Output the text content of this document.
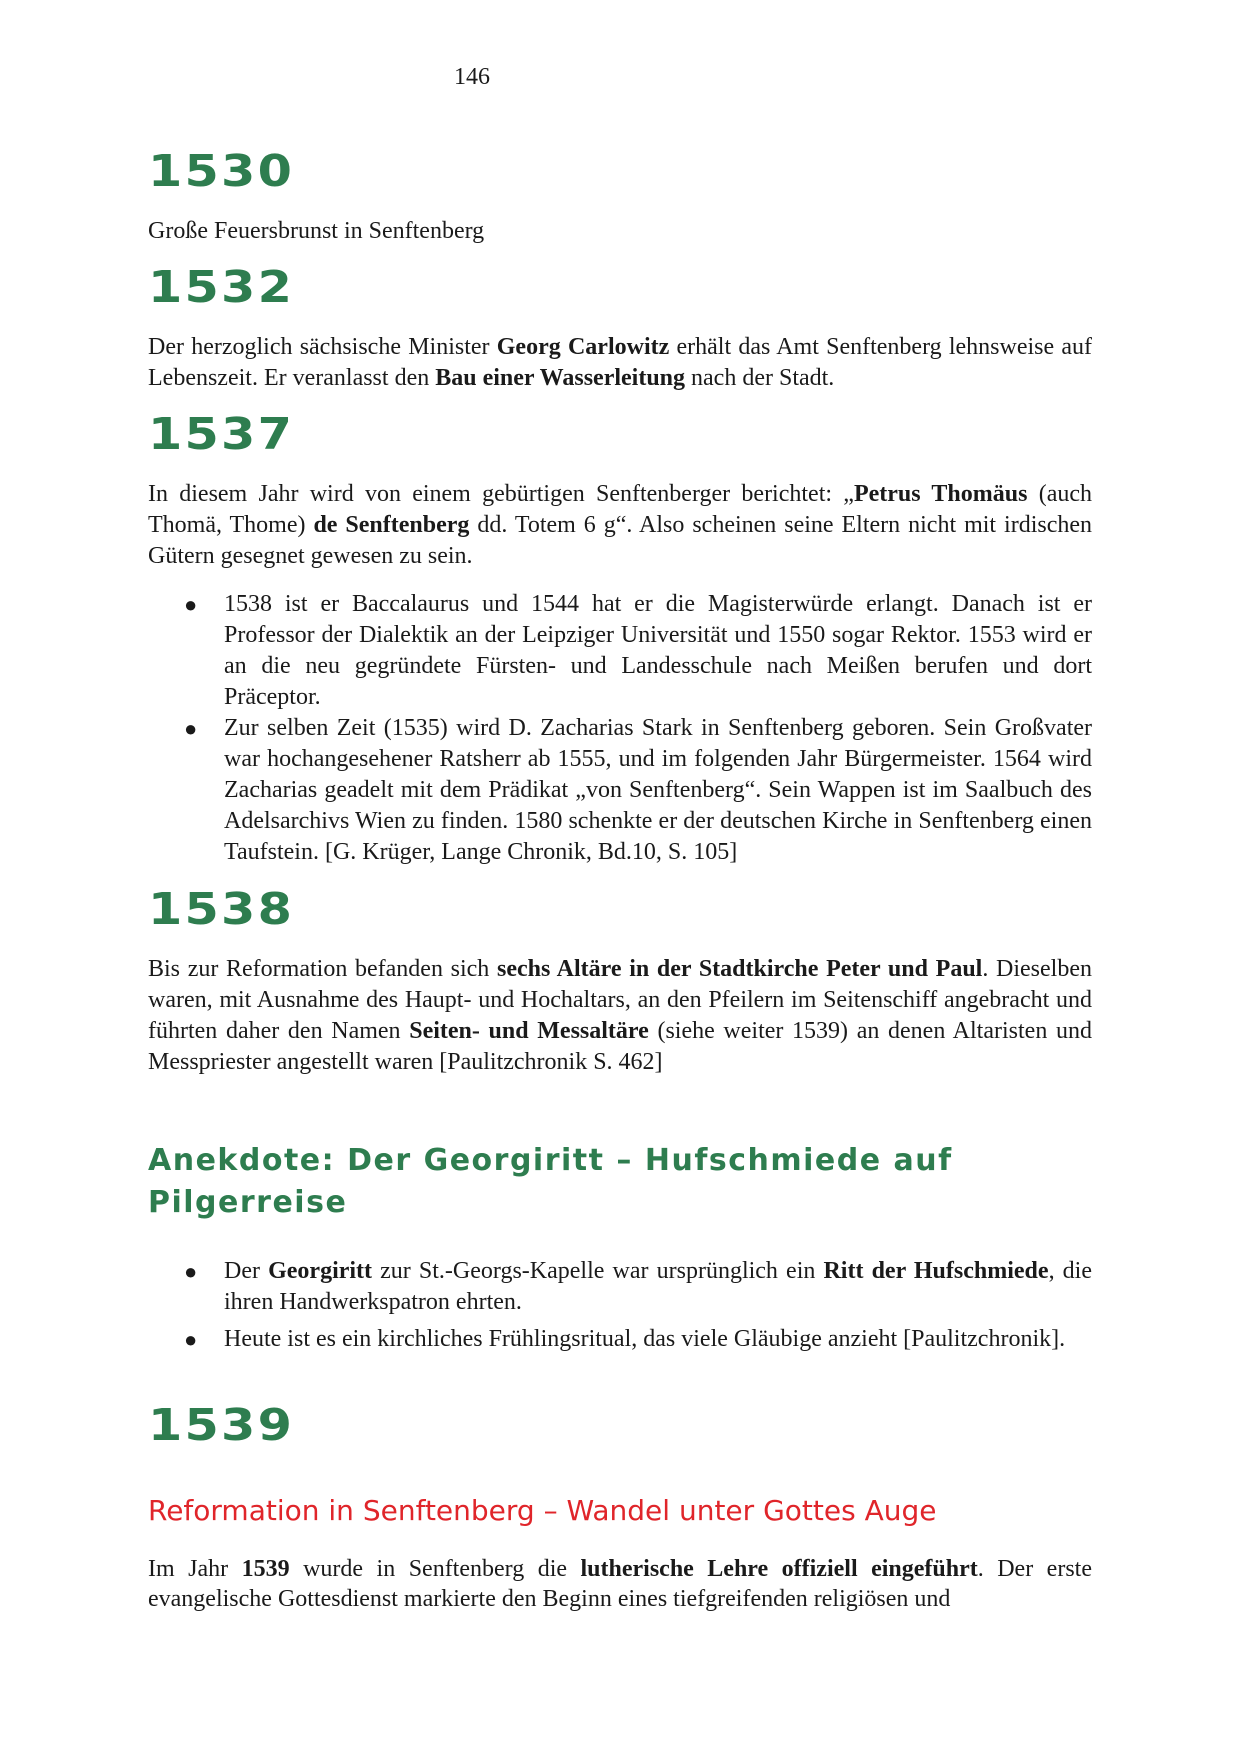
146
1530

Große Feuersbrunst in Senftenberg

1532

Der herzoglich sächsische Minister Georg Carlowitz erhält das Amt Senftenberg lehnsweise auf Lebenszeit. Er veranlasst den Bau einer Wasserleitung nach der Stadt.

1537

In diesem Jahr wird von einem gebürtigen Senftenberger berichtet: „Petrus Thomäus (auch Thomä, Thome) de Senftenberg dd. Totem 6 g“. Also scheinen seine Eltern nicht mit irdischen Gütern gesegnet gewesen zu sein.

● 1538 ist er Baccalaurus und 1544 hat er die Magisterwürde erlangt. Danach ist er Professor der Dialektik an der Leipziger Universität und 1550 sogar Rektor. 1553 wird er an die neu gegründete Fürsten- und Landesschule nach Meißen berufen und dort Präceptor.
● Zur selben Zeit (1535) wird D. Zacharias Stark in Senftenberg geboren. Sein Großvater war hochangesehener Ratsherr ab 1555, und im folgenden Jahr Bürgermeister. 1564 wird Zacharias geadelt mit dem Prädikat „von Senftenberg“. Sein Wappen ist im Saalbuch des Adelsarchivs Wien zu finden. 1580 schenkte er der deutschen Kirche in Senftenberg einen Taufstein. [G. Krüger, Lange Chronik, Bd.10, S. 105]
1538

Bis zur Reformation befanden sich sechs Altäre in der Stadtkirche Peter und Paul. Dieselben waren, mit Ausnahme des Haupt- und Hochaltars, an den Pfeilern im Seitenschiff angebracht und führten daher den Namen Seiten- und Messaltäre (siehe weiter 1539) an denen Altaristen und Messpriester angestellt waren [Paulitzchronik S. 462]

Anekdote: Der Georgiritt – Hufschmiede auf Pilgerreise
● Der Georgiritt zur St.-Georgs-Kapelle war ursprünglich ein Ritt der Hufschmiede, die ihren Handwerkspatron ehrten.
● Heute ist es ein kirchliches Frühlingsritual, das viele Gläubige anzieht [Paulitzchronik].
1539
Reformation in Senftenberg – Wandel unter Gottes Auge

Im Jahr 1539 wurde in Senftenberg die lutherische Lehre offiziell eingeführt. Der erste evangelische Gottesdienst markierte den Beginn eines tiefgreifenden religiösen und
